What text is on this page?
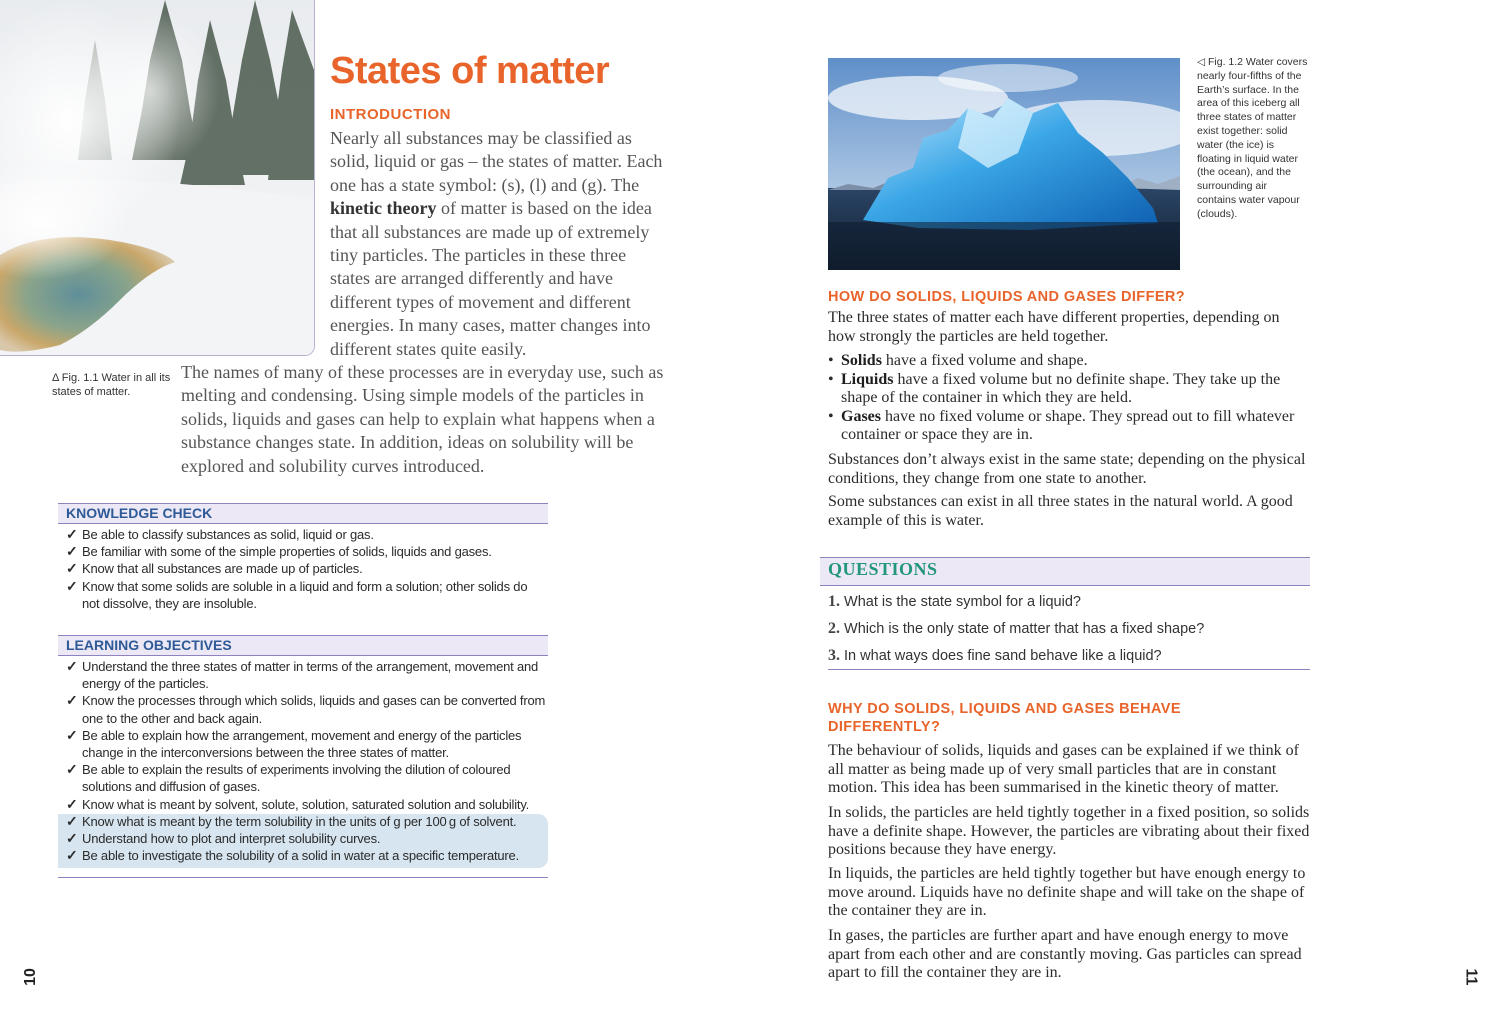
Δ Fig. 1.1 Water in all its states of matter.
States of matter
INTRODUCTION

Nearly all substances may be classified as solid, liquid or gas – the states of matter. Each one has a state symbol: (s), (l) and (g). The kinetic theory of matter is based on the idea that all substances are made up of extremely tiny particles. The particles in these three states are arranged differently and have different types of movement and different energies. In many cases, matter changes into different states quite easily.

The names of many of these processes are in everyday use, such as melting and condensing. Using simple models of the particles in solids, liquids and gases can help to explain what happens when a substance changes state. In addition, ideas on solubility will be explored and solubility curves introduced.

KNOWLEDGE CHECK
✓ Be able to classify substances as solid, liquid or gas.
✓ Be familiar with some of the simple properties of solids, liquids and gases.
✓ Know that all substances are made up of particles.
✓ Know that some solids are soluble in a liquid and form a solution; other solids do not dissolve, they are insoluble.
LEARNING OBJECTIVES
✓ Understand the three states of matter in terms of the arrangement, movement and energy of the particles.
✓ Know the processes through which solids, liquids and gases can be converted from one to the other and back again.
✓ Be able to explain how the arrangement, movement and energy of the particles change in the interconversions between the three states of matter.
✓ Be able to explain the results of experiments involving the dilution of coloured solutions and diffusion of gases.
✓ Know what is meant by solvent, solute, solution, saturated solution and solubility.
✓ Know what is meant by the term solubility in the units of g per 100 g of solvent.
✓ Understand how to plot and interpret solubility curves.
✓ Be able to investigate the solubility of a solid in water at a specific temperature.
10
◁ Fig. 1.2 Water covers nearly four-fifths of the Earth’s surface. In the area of this iceberg all three states of matter exist together: solid water (the ice) is floating in liquid water (the ocean), and the surrounding air contains water vapour (clouds).
HOW DO SOLIDS, LIQUIDS AND GASES DIFFER?

The three states of matter each have different properties, depending on how strongly the particles are held together.

• Solids have a fixed volume and shape.
• Liquids have a fixed volume but no definite shape. They take up the shape of the container in which they are held.
• Gases have no fixed volume or shape. They spread out to fill whatever container or space they are in.

Substances don’t always exist in the same state; depending on the physical conditions, they change from one state to another.

Some substances can exist in all three states in the natural world. A good example of this is water.

QUESTIONS
1. What is the state symbol for a liquid?
2. Which is the only state of matter that has a fixed shape?
3. In what ways does fine sand behave like a liquid?
WHY DO SOLIDS, LIQUIDS AND GASES BEHAVE DIFFERENTLY?

The behaviour of solids, liquids and gases can be explained if we think of all matter as being made up of very small particles that are in constant motion. This idea has been summarised in the kinetic theory of matter.

In solids, the particles are held tightly together in a fixed position, so solids have a definite shape. However, the particles are vibrating about their fixed positions because they have energy.

In liquids, the particles are held tightly together but have enough energy to move around. Liquids have no definite shape and will take on the shape of the container they are in.

In gases, the particles are further apart and have enough energy to move apart from each other and are constantly moving. Gas particles can spread apart to fill the container they are in.	11
